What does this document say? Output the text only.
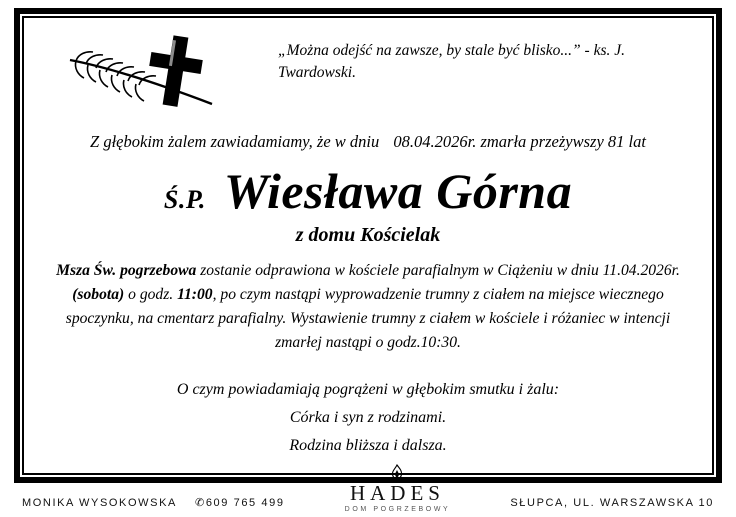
„Można odejść na zawsze, by stale być blisko...” - ks. J. Twardowski.
Z głębokim żalem zawiadamiamy, że w dniu 08.04.2026r. zmarła przeżywszy 81 lat
Ś.P. Wiesława Górna
z domu Kościelak
Msza Św. pogrzebowa zostanie odprawiona w kościele parafialnym w Ciążeniu w dniu 11.04.2026r. (sobota) o godz. 11:00, po czym nastąpi wyprowadzenie trumny z ciałem na miejsce wiecznego spoczynku, na cmentarz parafialny. Wystawienie trumny z ciałem w kościele i różaniec w intencji zmarłej nastąpi o godz.10:30.
O czym powiadamiają pogrążeni w głębokim smutku i żalu:
Córka i syn z rodzinami.
Rodzina bliższa i dalsza.
MONIKA WYSOKOWSKA ✆609 765 499	HADES
DOM POGRZEBOWY
SŁUPCA, UL. WARSZAWSKA 10
